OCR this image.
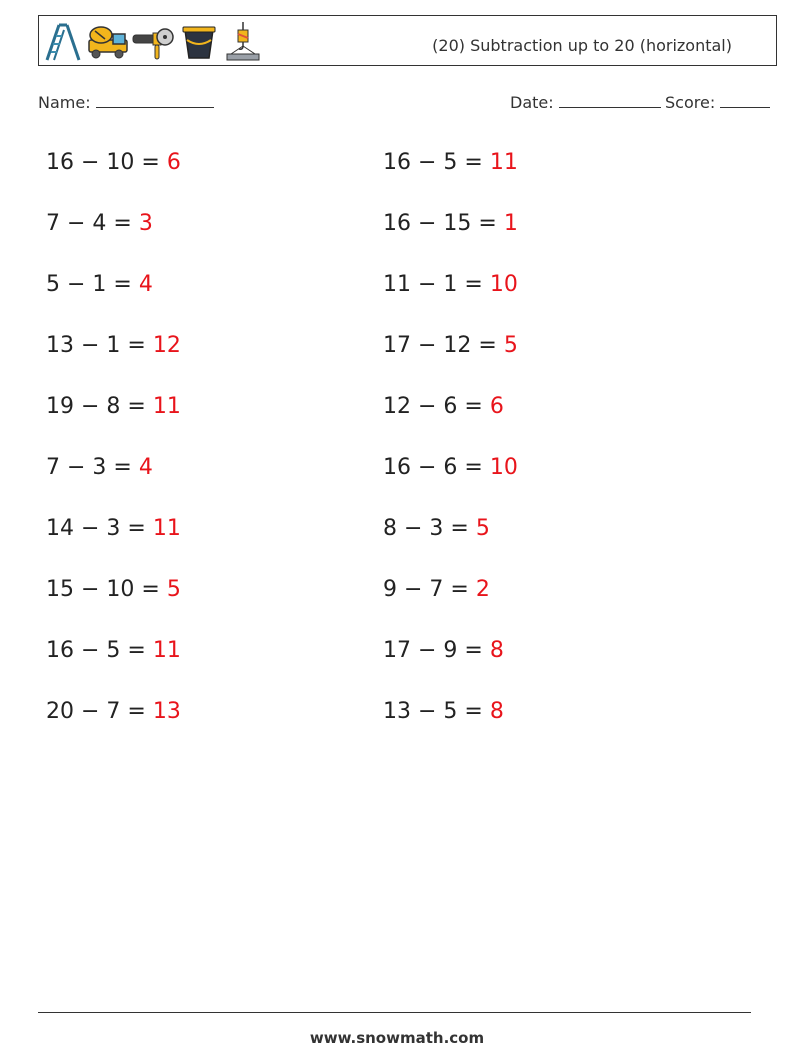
(20) Subtraction up to 20 (horizontal)
Name:	Date:	Score:
16 − 10 = 6
7 − 4 = 3
5 − 1 = 4
13 − 1 = 12
19 − 8 = 11
7 − 3 = 4
14 − 3 = 11
15 − 10 = 5
16 − 5 = 11
20 − 7 = 13
16 − 5 = 11
16 − 15 = 1
11 − 1 = 10
17 − 12 = 5
12 − 6 = 6
16 − 6 = 10
8 − 3 = 5
9 − 7 = 2
17 − 9 = 8
13 − 5 = 8
www.snowmath.com
